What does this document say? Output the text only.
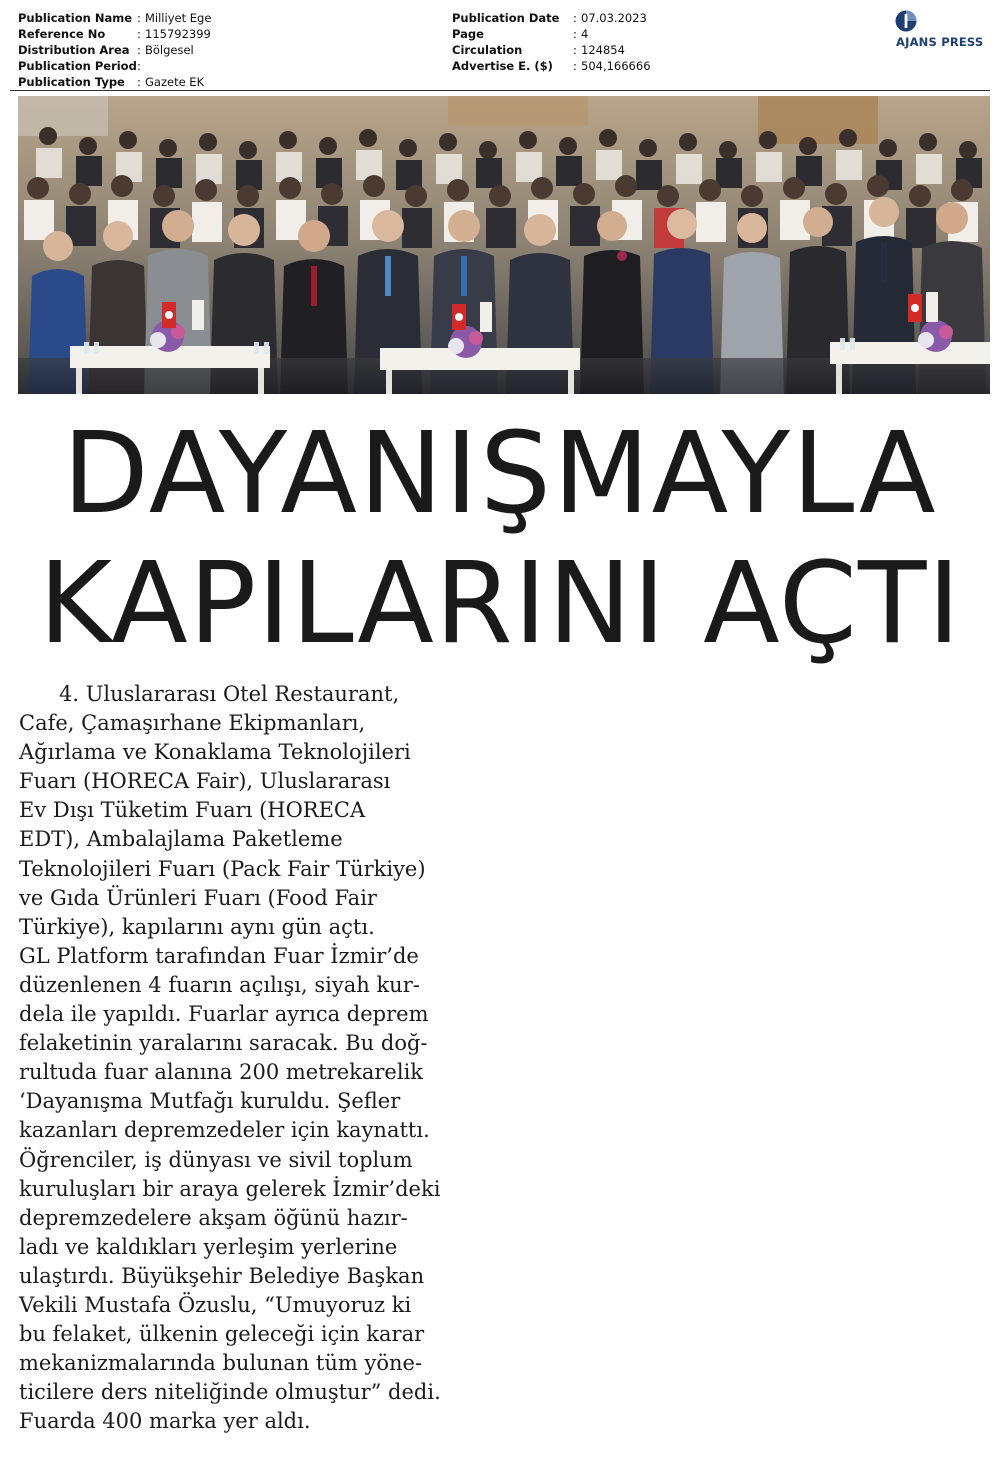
Publication Name : Milliyet Ege
Reference No	: 115792399
Distribution Area : Bölgesel
Publication Period :
Publication Type	: Gazete EK
Publication Date	: 07.03.2023
Page	: 4
Circulation	: 124854
Advertise E. ($)	: 504,166666
AJANS PRESS
DAYANIŞMAYLA
KAPILARINI AÇTI
4. Uluslararası Otel Restaurant,
Cafe, Çamaşırhane Ekipmanları,
Ağırlama ve Konaklama Teknolojileri
Fuarı (HORECA Fair), Uluslararası
Ev Dışı Tüketim Fuarı (HORECA
EDT), Ambalajlama Paketleme
Teknolojileri Fuarı (Pack Fair Türkiye)
ve Gıda Ürünleri Fuarı (Food Fair
Türkiye), kapılarını aynı gün açtı.
GL Platform tarafından Fuar İzmir’de
düzenlenen 4 fuarın açılışı, siyah kur-
dela ile yapıldı. Fuarlar ayrıca deprem
felaketinin yaralarını saracak. Bu doğ-
rultuda fuar alanına 200 metrekarelik
‘Dayanışma Mutfağı kuruldu. Şefler
kazanları depremzedeler için kaynattı.
Öğrenciler, iş dünyası ve sivil toplum
kuruluşları bir araya gelerek İzmir’deki
depremzedelere akşam öğünü hazır-
ladı ve kaldıkları yerleşim yerlerine
ulaştırdı. Büyükşehir Belediye Başkan
Vekili Mustafa Özuslu, “Umuyoruz ki
bu felaket, ülkenin geleceği için karar
mekanizmalarında bulunan tüm yöne-
ticilere ders niteliğinde olmuştur” dedi.
Fuarda 400 marka yer aldı.
